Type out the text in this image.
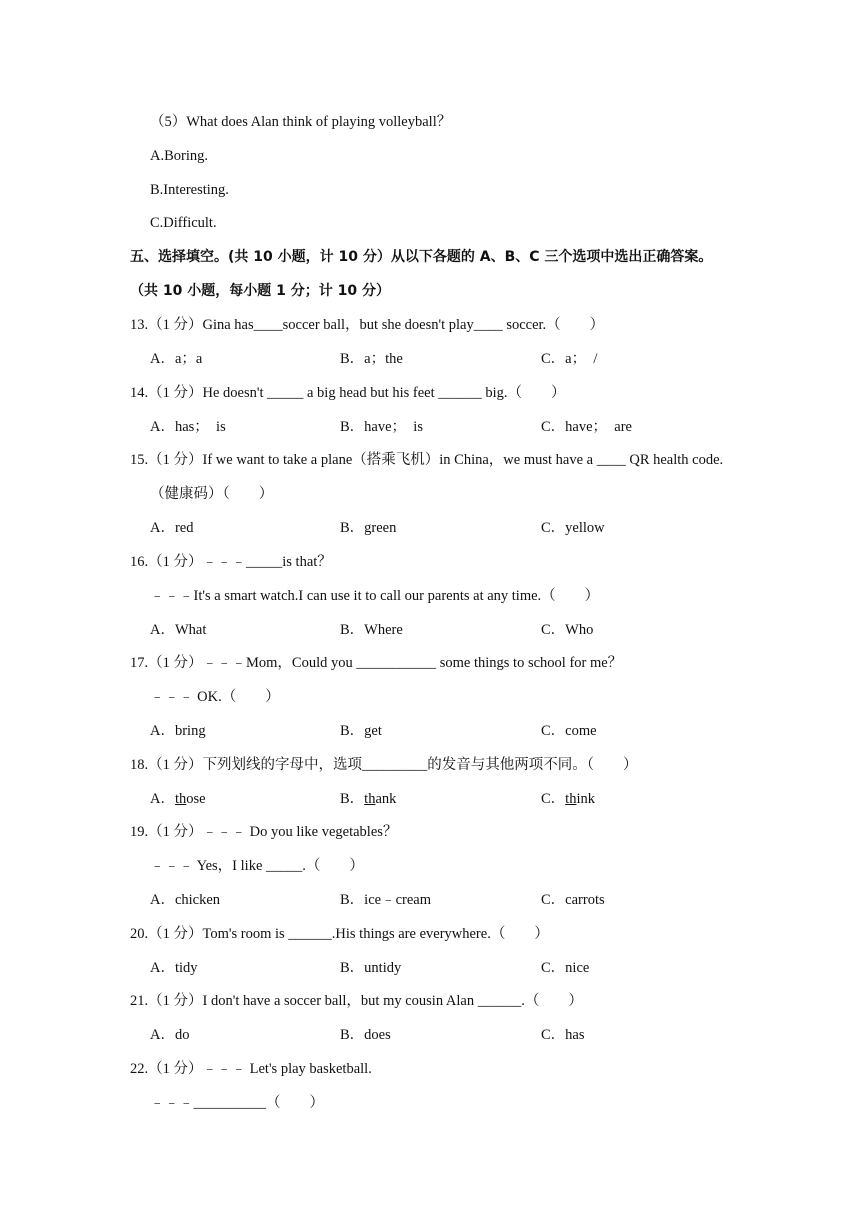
（5）What does Alan think of playing volleyball？
A.Boring.
B.Interesting.
C.Difficult.
五、选择填空。(共 10 小题，计 10 分）从以下各题的 A、B、C 三个选项中选出正确答案。
（共 10 小题，每小题 1 分；计 10 分）
13.（1 分）Gina has____soccer ball，but she doesn't play____ soccer.（　　）
A．a；a	B．a；the	C．a；  /
14.（1 分）He doesn't _____ a big head but his feet ______ big.（　　）
A．has；  is	B．have；  is	C．have；  are
15.（1 分）If we want to take a plane（搭乘飞机）in China，we must have a ____ QR health code.
（健康码）（　　）
A．red	B．green	C．yellow
16.（1 分）﹣﹣﹣_____is that？
﹣﹣﹣It's a smart watch.I can use it to call our parents at any time.（　　）
A．What	B．Where	C．Who
17.（1 分）﹣﹣﹣Mom，Could you ___________ some things to school for me？
﹣﹣﹣ OK.（　　）
A．bring	B．get	C．come
18.（1 分）下列划线的字母中，选项_________的发音与其他两项不同。（　　）
A．those	B．thank	C．think
19.（1 分）﹣﹣﹣ Do you like vegetables？
﹣﹣﹣ Yes，I like _____.（　　）
A．chicken	B．ice﹣cream	C．carrots
20.（1 分）Tom's room is ______.His things are everywhere.（　　）
A．tidy	B．untidy	C．nice
21.（1 分）I don't have a soccer ball，but my cousin Alan ______.（　　）
A．do	B．does	C．has
22.（1 分）﹣﹣﹣ Let's play basketball.
﹣﹣﹣__________（　　）
